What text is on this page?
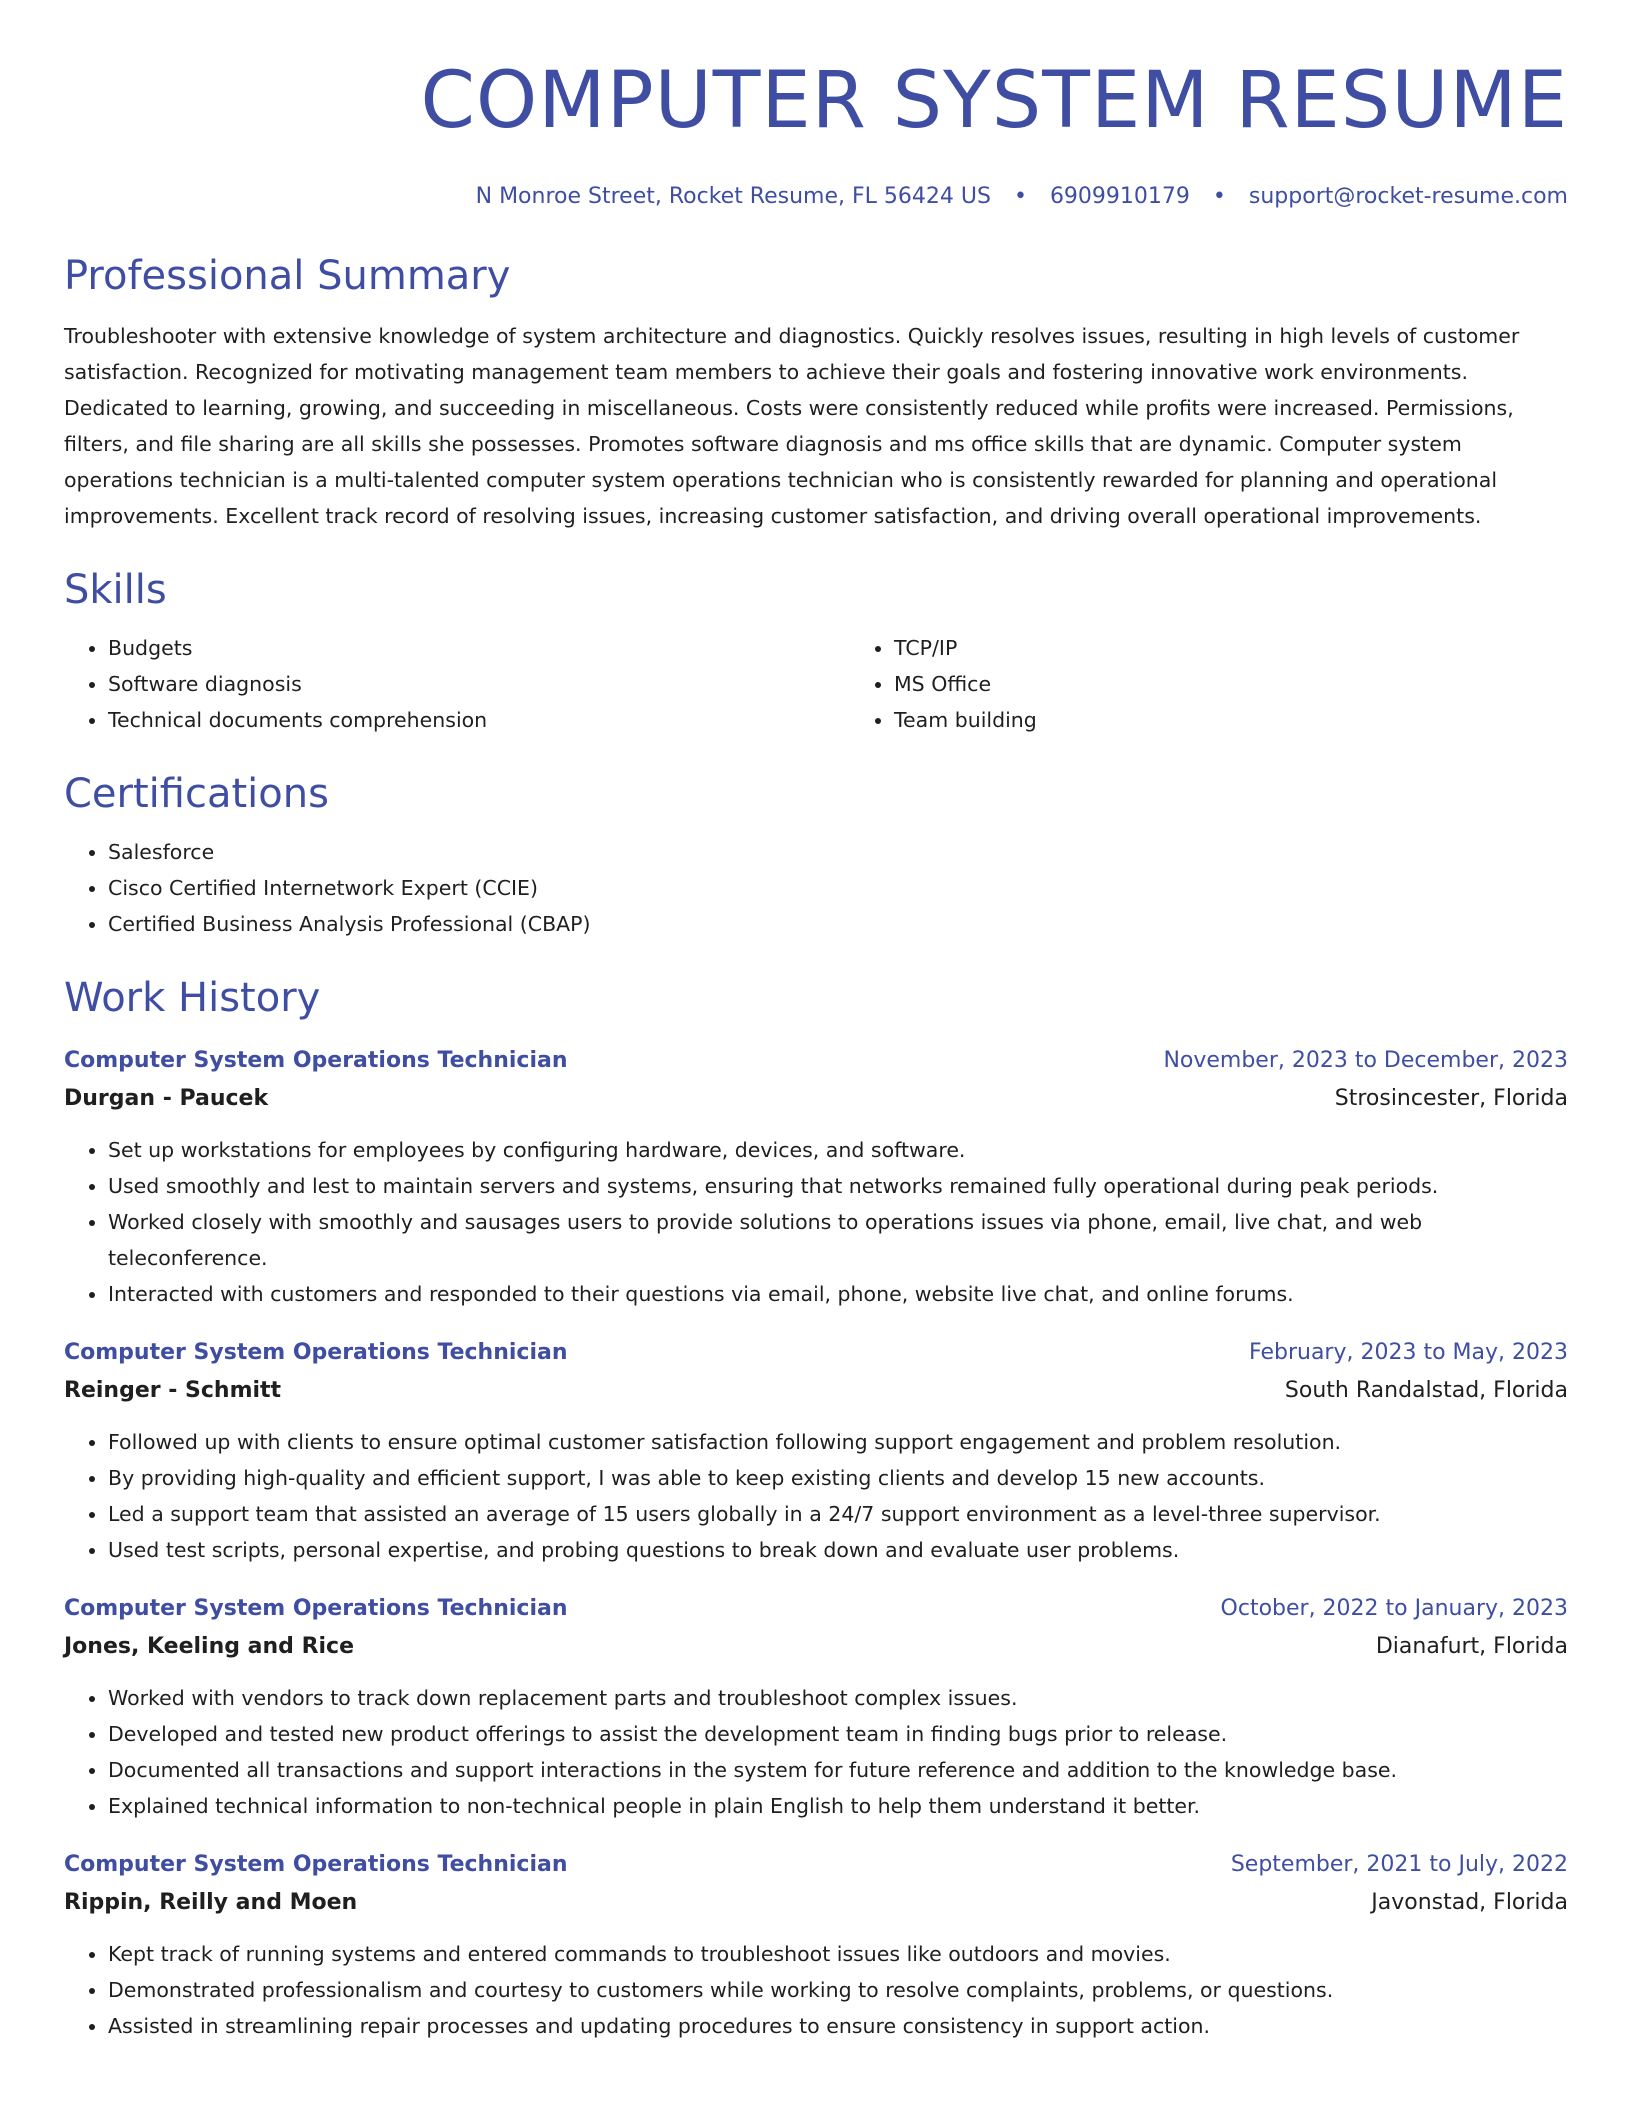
COMPUTER SYSTEM RESUME
N Monroe Street, Rocket Resume, FL 56424 US • 6909910179 • support@rocket-resume.com
Professional Summary

Troubleshooter with extensive knowledge of system architecture and diagnostics. Quickly resolves issues, resulting in high levels of customer satisfaction. Recognized for motivating management team members to achieve their goals and fostering innovative work environments. Dedicated to learning, growing, and succeeding in miscellaneous. Costs were consistently reduced while profits were increased. Permissions, filters, and file sharing are all skills she possesses. Promotes software diagnosis and ms office skills that are dynamic. Computer system operations technician is a multi-talented computer system operations technician who is consistently rewarded for planning and operational improvements. Excellent track record of resolving issues, increasing customer satisfaction, and driving overall operational improvements.

Skills
• Budgets
• Software diagnosis
• Technical documents comprehension
• TCP/IP
• MS Office
• Team building
Certifications
• Salesforce
• Cisco Certified Internetwork Expert (CCIE)
• Certified Business Analysis Professional (CBAP)
Work History
Computer System Operations Technician	November, 2023 to December, 2023
Durgan - Paucek	Strosincester, Florida
• Set up workstations for employees by configuring hardware, devices, and software.
• Used smoothly and lest to maintain servers and systems, ensuring that networks remained fully operational during peak periods.
• Worked closely with smoothly and sausages users to provide solutions to operations issues via phone, email, live chat, and web teleconference.
• Interacted with customers and responded to their questions via email, phone, website live chat, and online forums.
Computer System Operations Technician	February, 2023 to May, 2023
Reinger - Schmitt	South Randalstad, Florida
• Followed up with clients to ensure optimal customer satisfaction following support engagement and problem resolution.
• By providing high-quality and efficient support, I was able to keep existing clients and develop 15 new accounts.
• Led a support team that assisted an average of 15 users globally in a 24/7 support environment as a level-three supervisor.
• Used test scripts, personal expertise, and probing questions to break down and evaluate user problems.
Computer System Operations Technician	October, 2022 to January, 2023
Jones, Keeling and Rice	Dianafurt, Florida
• Worked with vendors to track down replacement parts and troubleshoot complex issues.
• Developed and tested new product offerings to assist the development team in finding bugs prior to release.
• Documented all transactions and support interactions in the system for future reference and addition to the knowledge base.
• Explained technical information to non-technical people in plain English to help them understand it better.
Computer System Operations Technician	September, 2021 to July, 2022
Rippin, Reilly and Moen	Javonstad, Florida
• Kept track of running systems and entered commands to troubleshoot issues like outdoors and movies.
• Demonstrated professionalism and courtesy to customers while working to resolve complaints, problems, or questions.
• Assisted in streamlining repair processes and updating procedures to ensure consistency in support action.
